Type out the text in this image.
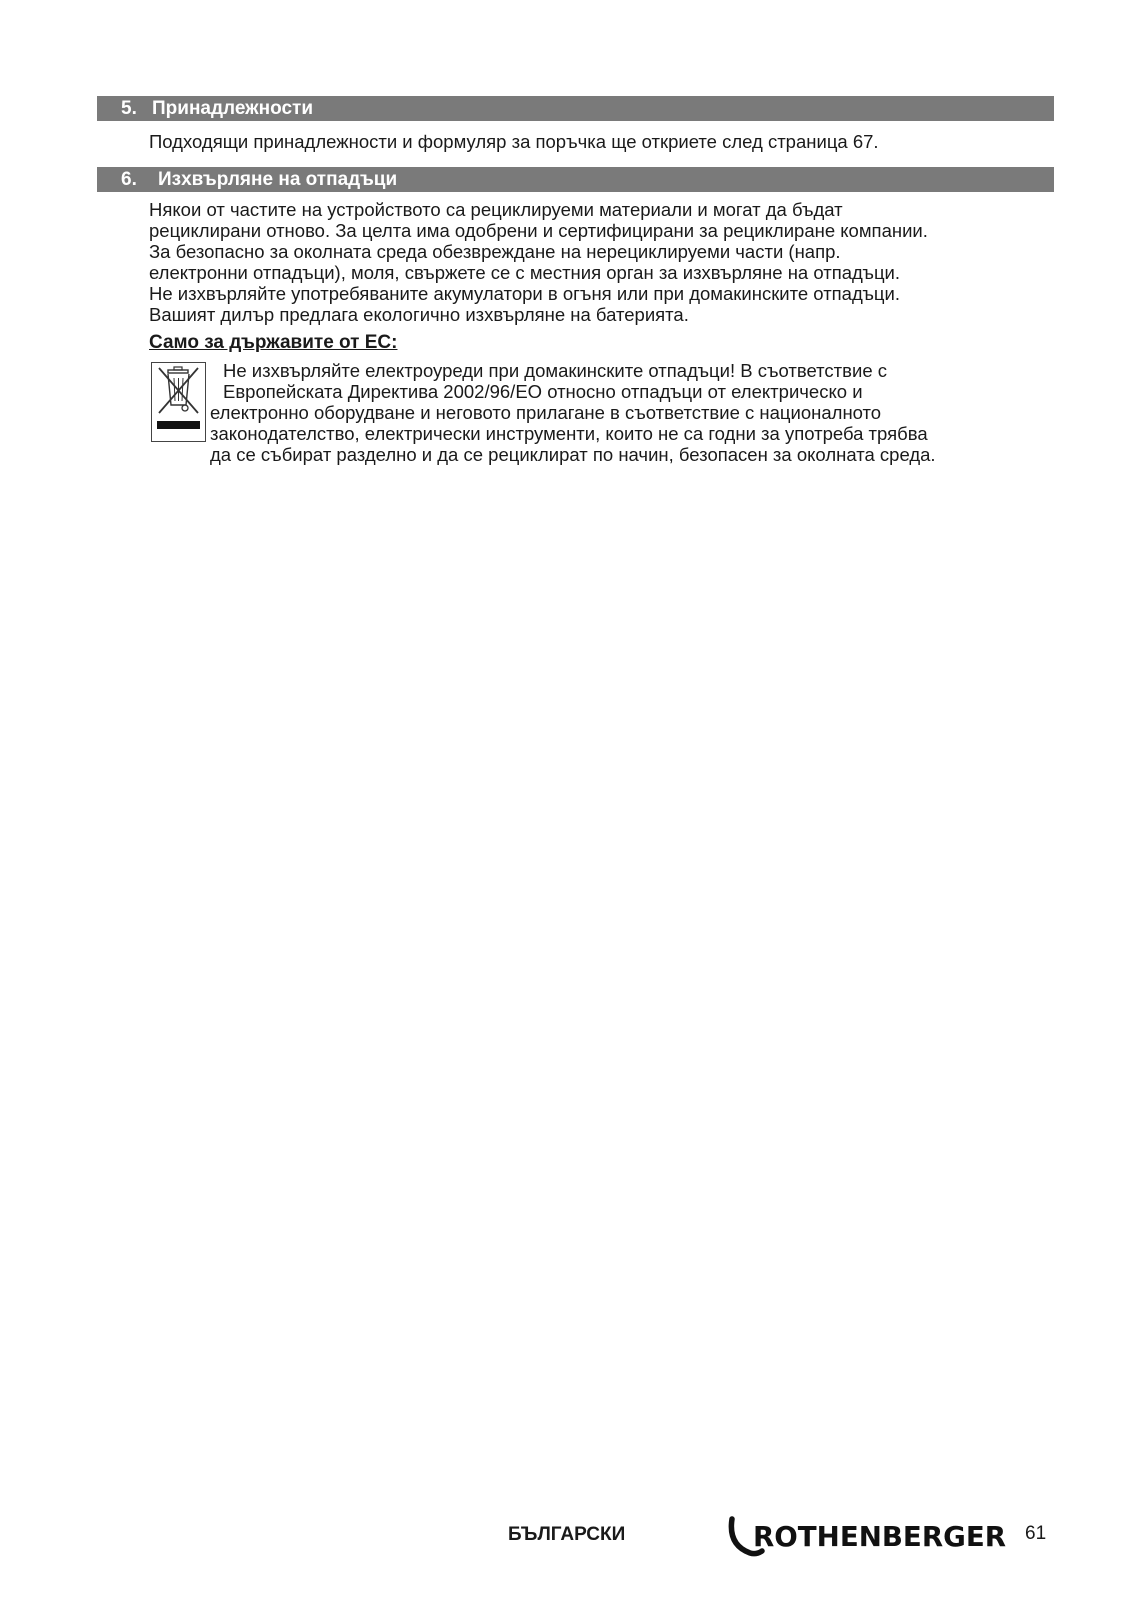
5. Принадлежности

Подходящи принадлежности и формуляр за поръчка ще откриете след страница 67.

6. Изхвърляне на отпадъци
Някои от частите на устройството са рециклируеми материали и могат да бъдат
рециклирани отново. За целта има одобрени и сертифицирани за рециклиране компании.
За безопасно за околната среда обезвреждане на нерециклируеми части (напр.
електронни отпадъци), моля, свържете се с местния орган за изхвърляне на отпадъци.
Не изхвърляйте употребяваните акумулатори в огъня или при домакинските отпадъци.
Вашият дилър предлага екологично изхвърляне на батерията.
Само за държавите от ЕС:
Не изхвърляйте електроуреди при домакинските отпадъци! В съответствие с
Европейската Директива 2002/96/ЕО относно отпадъци от електрическо и
електронно оборудване и неговото прилагане в съответствие с националното
законодателство, електрически инструменти, които не са годни за употреба трябва
да се събират разделно и да се рециклират по начин, безопасен за околната среда.
БЪЛГАРСКИ	ROTHENBERGER 61
